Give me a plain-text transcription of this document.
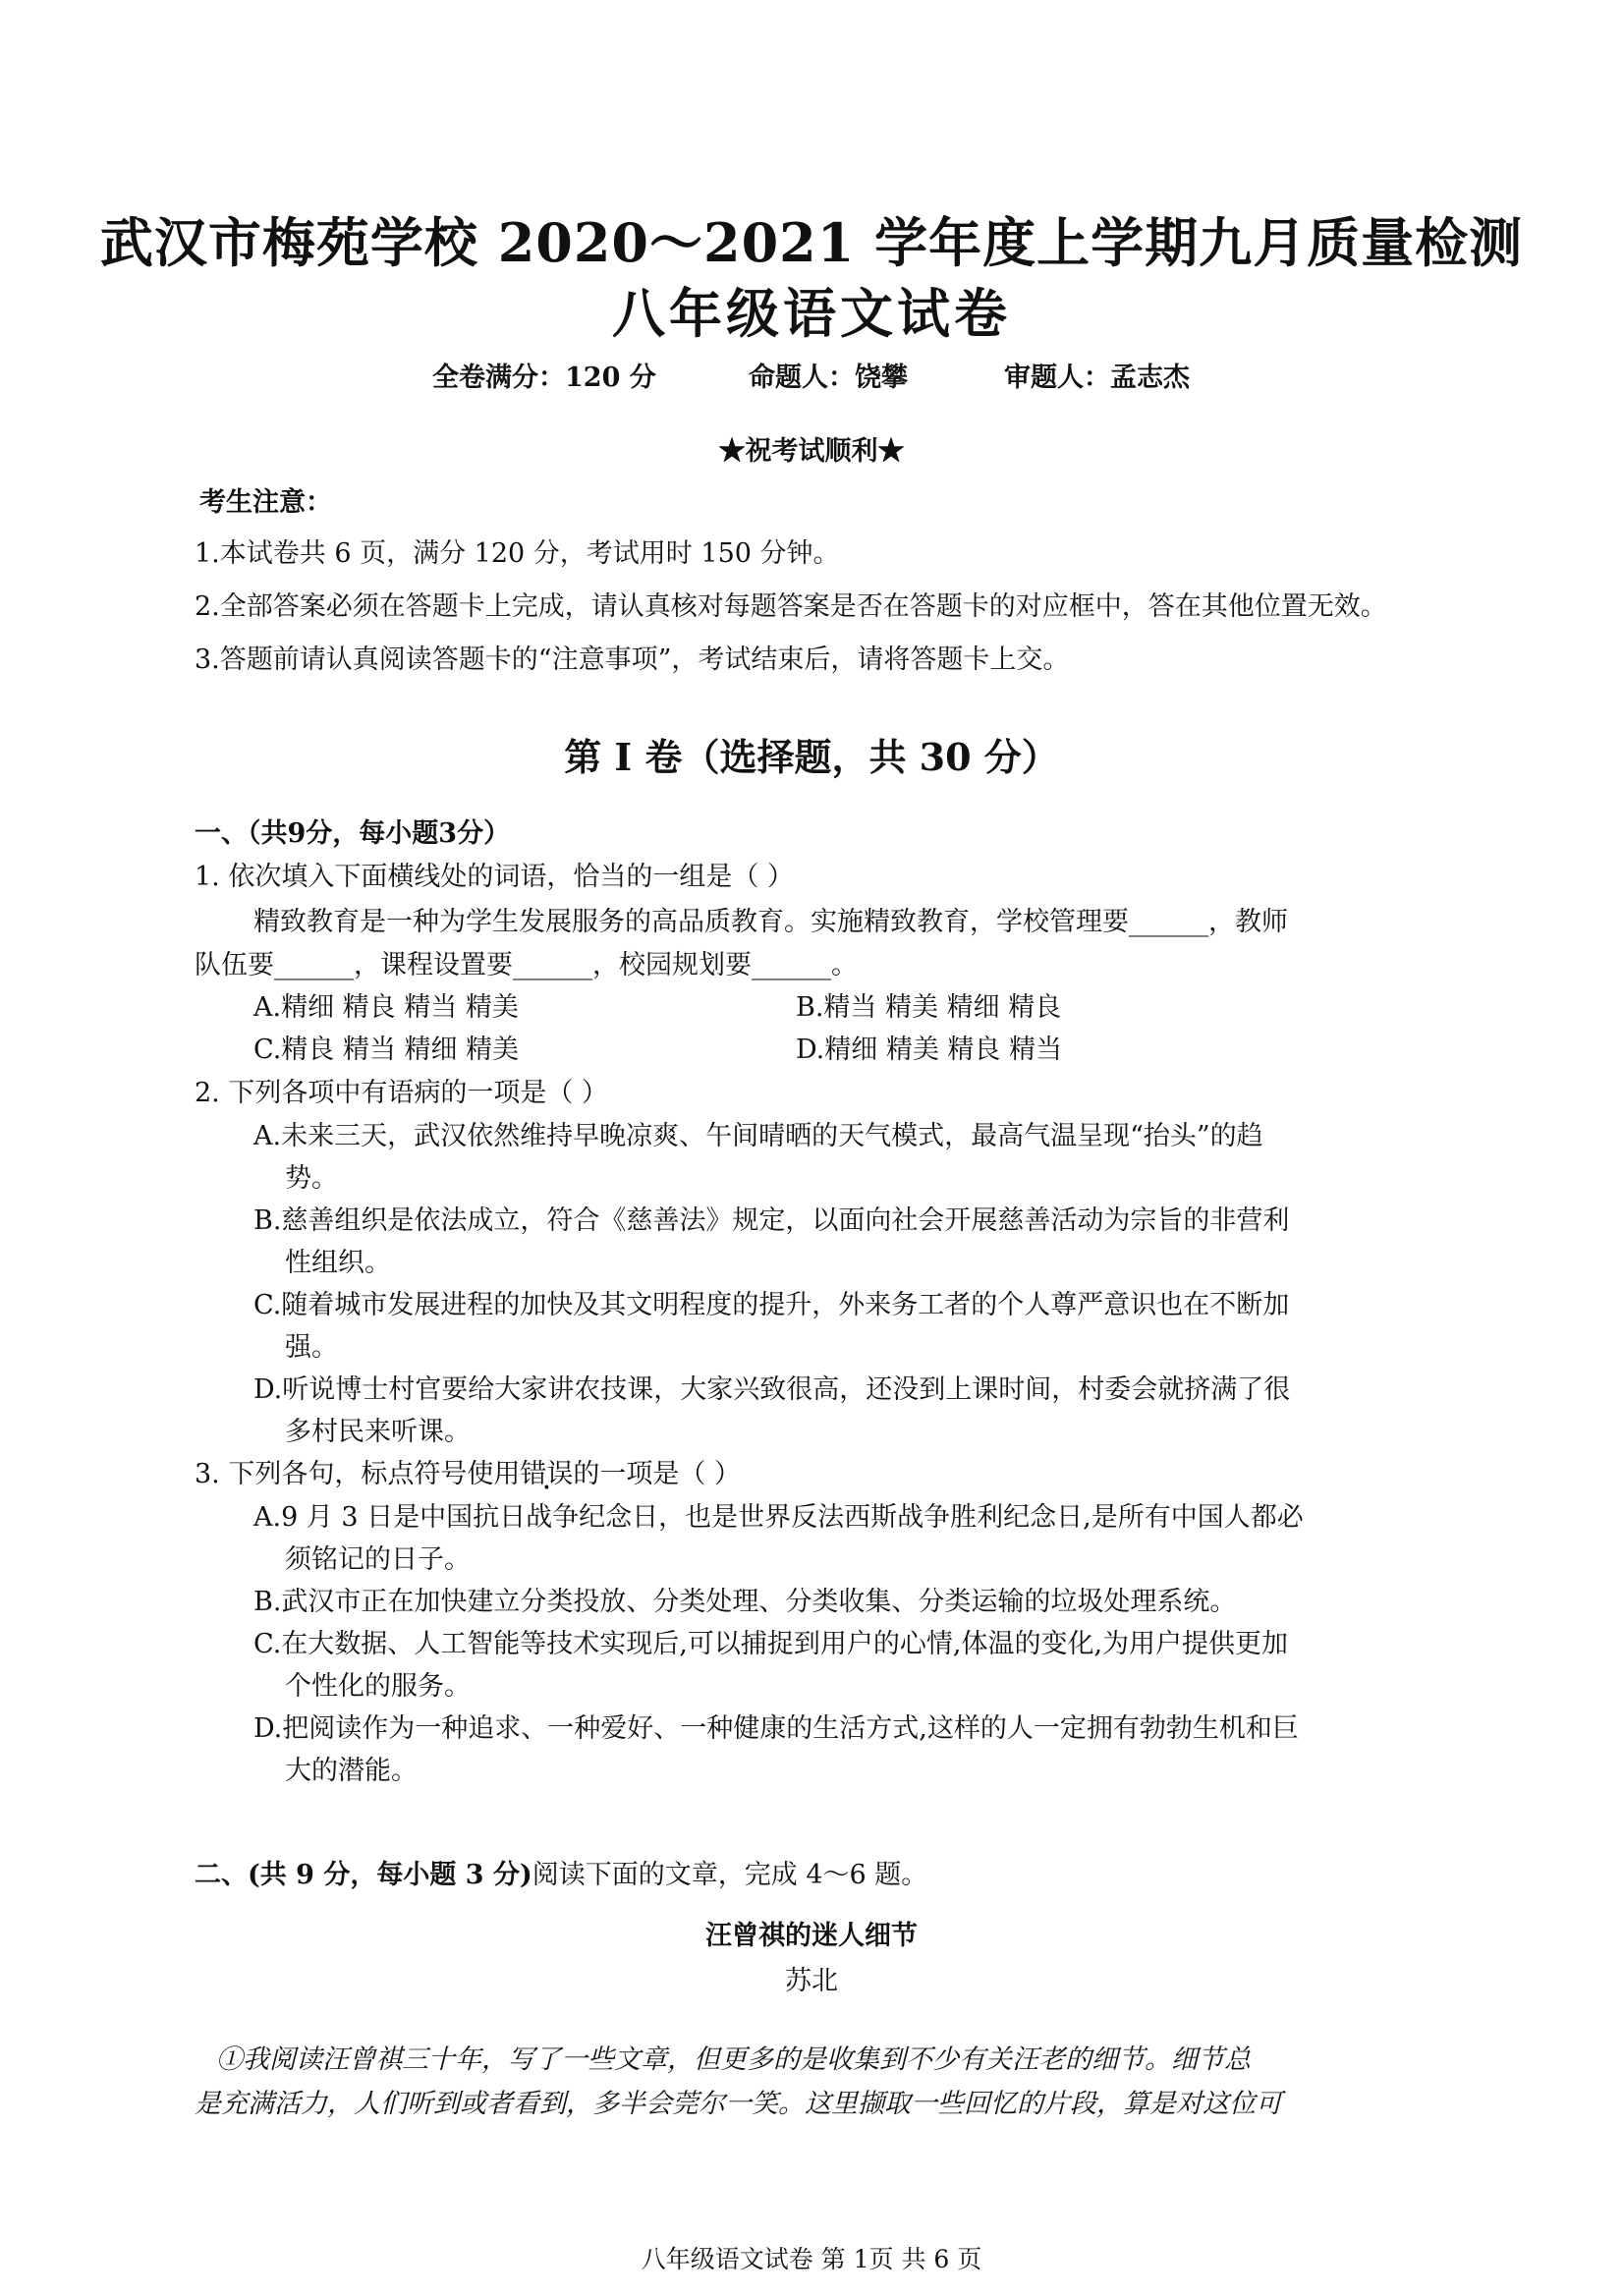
武汉市梅苑学校 2020～2021 学年度上学期九月质量检测
八年级语文试卷
全卷满分：120 分	命题人：饶攀	审题人：孟志杰
★祝考试顺利★
考生注意：
1.本试卷共 6 页，满分 120 分，考试用时 150 分钟。
2.全部答案必须在答题卡上完成，请认真核对每题答案是否在答题卡的对应框中，答在其他位置无效。
3.答题前请认真阅读答题卡的“注意事项”，考试结束后，请将答题卡上交。
第 I 卷（选择题，共 30 分）
一、（共9分，每小题3分）
1. 依次填入下面横线处的词语，恰当的一组是（ ）
精致教育是一种为学生发展服务的高品质教育。实施精致教育，学校管理要______，教师
队伍要______，课程设置要______，校园规划要______。
A.精细 精良 精当 精美	B.精当 精美 精细 精良
C.精良 精当 精细 精美	D.精细 精美 精良 精当
2. 下列各项中有语病的一项是（ ）
A.未来三天，武汉依然维持早晚凉爽、午间晴晒的天气模式，最高气温呈现“抬头”的趋
势。
B.慈善组织是依法成立，符合《慈善法》规定，以面向社会开展慈善活动为宗旨的非营利
性组织。
C.随着城市发展进程的加快及其文明程度的提升，外来务工者的个人尊严意识也在不断加
强。
D.听说博士村官要给大家讲农技课，大家兴致很高，还没到上课时间，村委会就挤满了很
多村民来听课。
3. 下列各句，标点符号使用错误的一项是（ ）
A.9 月 3 日是中国抗日战争纪念日，也是世界反法西斯战争胜利纪念日,是所有中国人都必
须铭记的日子。
B.武汉市正在加快建立分类投放、分类处理、分类收集、分类运输的垃圾处理系统。
C.在大数据、人工智能等技术实现后,可以捕捉到用户的心情,体温的变化,为用户提供更加
个性化的服务。
D.把阅读作为一种追求、一种爱好、一种健康的生活方式,这样的人一定拥有勃勃生机和巨
大的潜能。
二、(共 9 分，每小题 3 分)阅读下面的文章，完成 4～6 题。
汪曾祺的迷人细节
苏北
①我阅读汪曾祺三十年，写了一些文章，但更多的是收集到不少有关汪老的细节。细节总
是充满活力，人们听到或者看到，多半会莞尔一笑。这里撷取一些回忆的片段，算是对这位可
八年级语文试卷 第 1页 共 6 页
